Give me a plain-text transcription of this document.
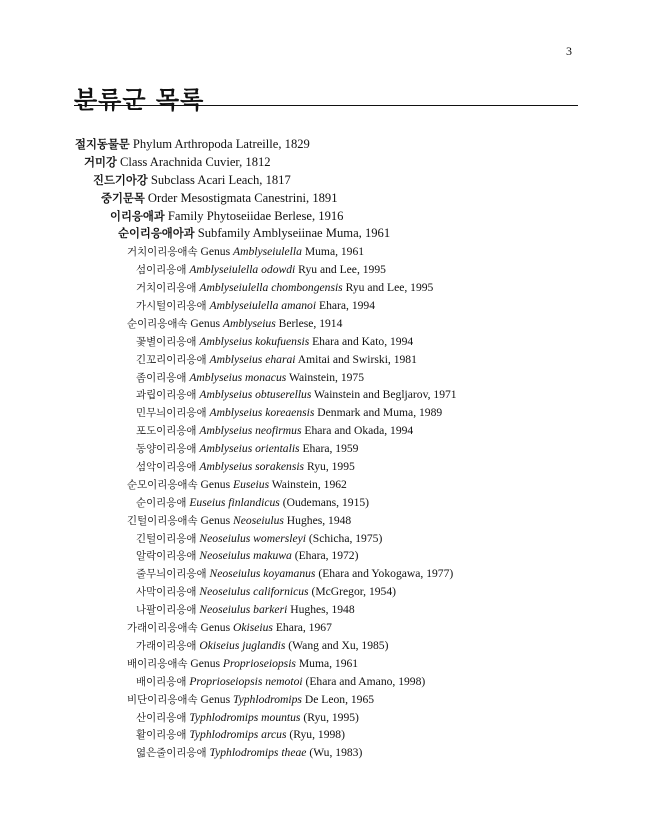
3
분류군 목록
절지동물문 Phylum Arthropoda Latreille, 1829
거미강 Class Arachnida Cuvier, 1812
진드기아강 Subclass Acari Leach, 1817
중기문목 Order Mesostigmata Canestrini, 1891
이리응애과 Family Phytoseiidae Berlese, 1916
순이리응애아과 Subfamily Amblyseiinae Muma, 1961
거치이리응애속 Genus Amblyseiulella Muma, 1961
섬이리응애 Amblyseiulella odowdi Ryu and Lee, 1995
거치이리응애 Amblyseiulella chombongensis Ryu and Lee, 1995
가시털이리응애 Amblyseiulella amanoi Ehara, 1994
순이리응애속 Genus Amblyseius Berlese, 1914
꽃별이리응애 Amblyseius kokufuensis Ehara and Kato, 1994
긴꼬리이리응애 Amblyseius eharai Amitai and Swirski, 1981
좀이리응애 Amblyseius monacus Wainstein, 1975
과립이리응애 Amblyseius obtuserellus Wainstein and Begljarov, 1971
민무늬이리응애 Amblyseius koreaensis Denmark and Muma, 1989
포도이리응애 Amblyseius neofirmus Ehara and Okada, 1994
동양이리응애 Amblyseius orientalis Ehara, 1959
섬악이리응애 Amblyseius sorakensis Ryu, 1995
순모이리응애속 Genus Euseius Wainstein, 1962
순이리응애 Euseius finlandicus (Oudemans, 1915)
긴털이리응애속 Genus Neoseiulus Hughes, 1948
긴털이리응애 Neoseiulus womersleyi (Schicha, 1975)
알락이리응애 Neoseiulus makuwa (Ehara, 1972)
줄무늬이리응애 Neoseiulus koyamanus (Ehara and Yokogawa, 1977)
사막이리응애 Neoseiulus californicus (McGregor, 1954)
나팔이리응애 Neoseiulus barkeri Hughes, 1948
가래이리응애속 Genus Okiseius Ehara, 1967
가래이리응애 Okiseius juglandis (Wang and Xu, 1985)
배이리응애속 Genus Proprioseiopsis Muma, 1961
배이리응애 Proprioseiopsis nemotoi (Ehara and Amano, 1998)
비단이리응애속 Genus Typhlodromips De Leon, 1965
산이리응애 Typhlodromips mountus (Ryu, 1995)
활이리응애 Typhlodromips arcus (Ryu, 1998)
엷은줄이리응애 Typhlodromips theae (Wu, 1983)
